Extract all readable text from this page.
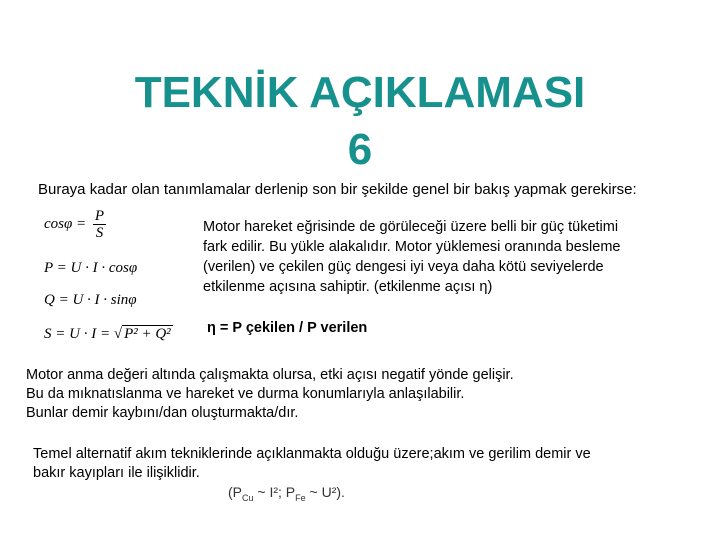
TEKNİK AÇIKLAMASI
6
Buraya kadar olan tanımlamalar derlenip son bir şekilde genel bir bakış yapmak gerekirse:
$\cos\varphi = \frac{P}{S}$
P = U · I · cosφ
Q = U · I · sinφ
S = U · I = √ P² + Q²

Motor hareket eğrisinde de görüleceği üzere belli bir güç tüketimi

fark edilir. Bu yükle alakalıdır. Motor yüklemesi oranında besleme

(verilen) ve çekilen güç dengesi iyi veya daha kötü seviyelerde

etkilenme açısına sahiptir. (etkilenme açısı η)

η = P çekilen / P verilen

Motor anma değeri altında çalışmakta olursa, etki açısı negatif yönde gelişir.

Bu da mıknatıslanma ve hareket ve durma konumlarıyla anlaşılabilir.

Bunlar demir kaybını/dan oluşturmakta/dır.

Temel alternatif akım tekniklerinde açıklanmakta olduğu üzere;akım ve gerilim demir ve

bakır kayıpları ile ilişiklidir.

($P_{Cu}$ ~ I²; $P_{Fe}$ ~ U²).
